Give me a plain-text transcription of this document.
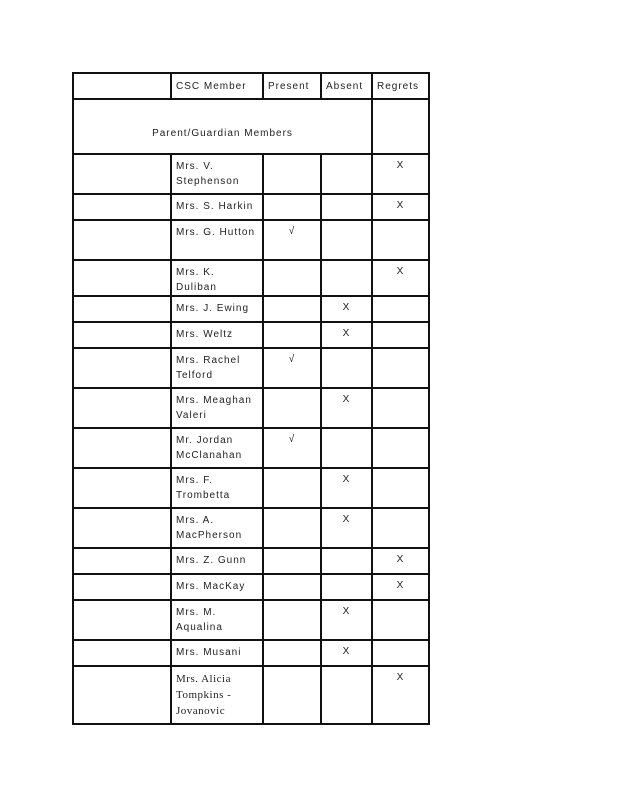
	CSC Member	Present	Absent	Regrets
Parent/Guardian Members				

	Mrs. V. Stephenson			X

	Mrs. S. Harkin			X

	Mrs. G. Hutton	√		

	Mrs. K. Duliban			X

	Mrs. J. Ewing		X	

	Mrs. Weltz		X	

	Mrs. Rachel Telford	√		

	Mrs. Meaghan Valeri		X	

	Mr. Jordan McClanahan	√		

	Mrs. F. Trombetta		X	

	Mrs. A. MacPherson		X	

	Mrs. Z. Gunn			X

	Mrs. MacKay			X

	Mrs. M. Aqualina		X	

	Mrs. Musani		X	

	Mrs. Alicia Tompkins - Jovanovic			X
